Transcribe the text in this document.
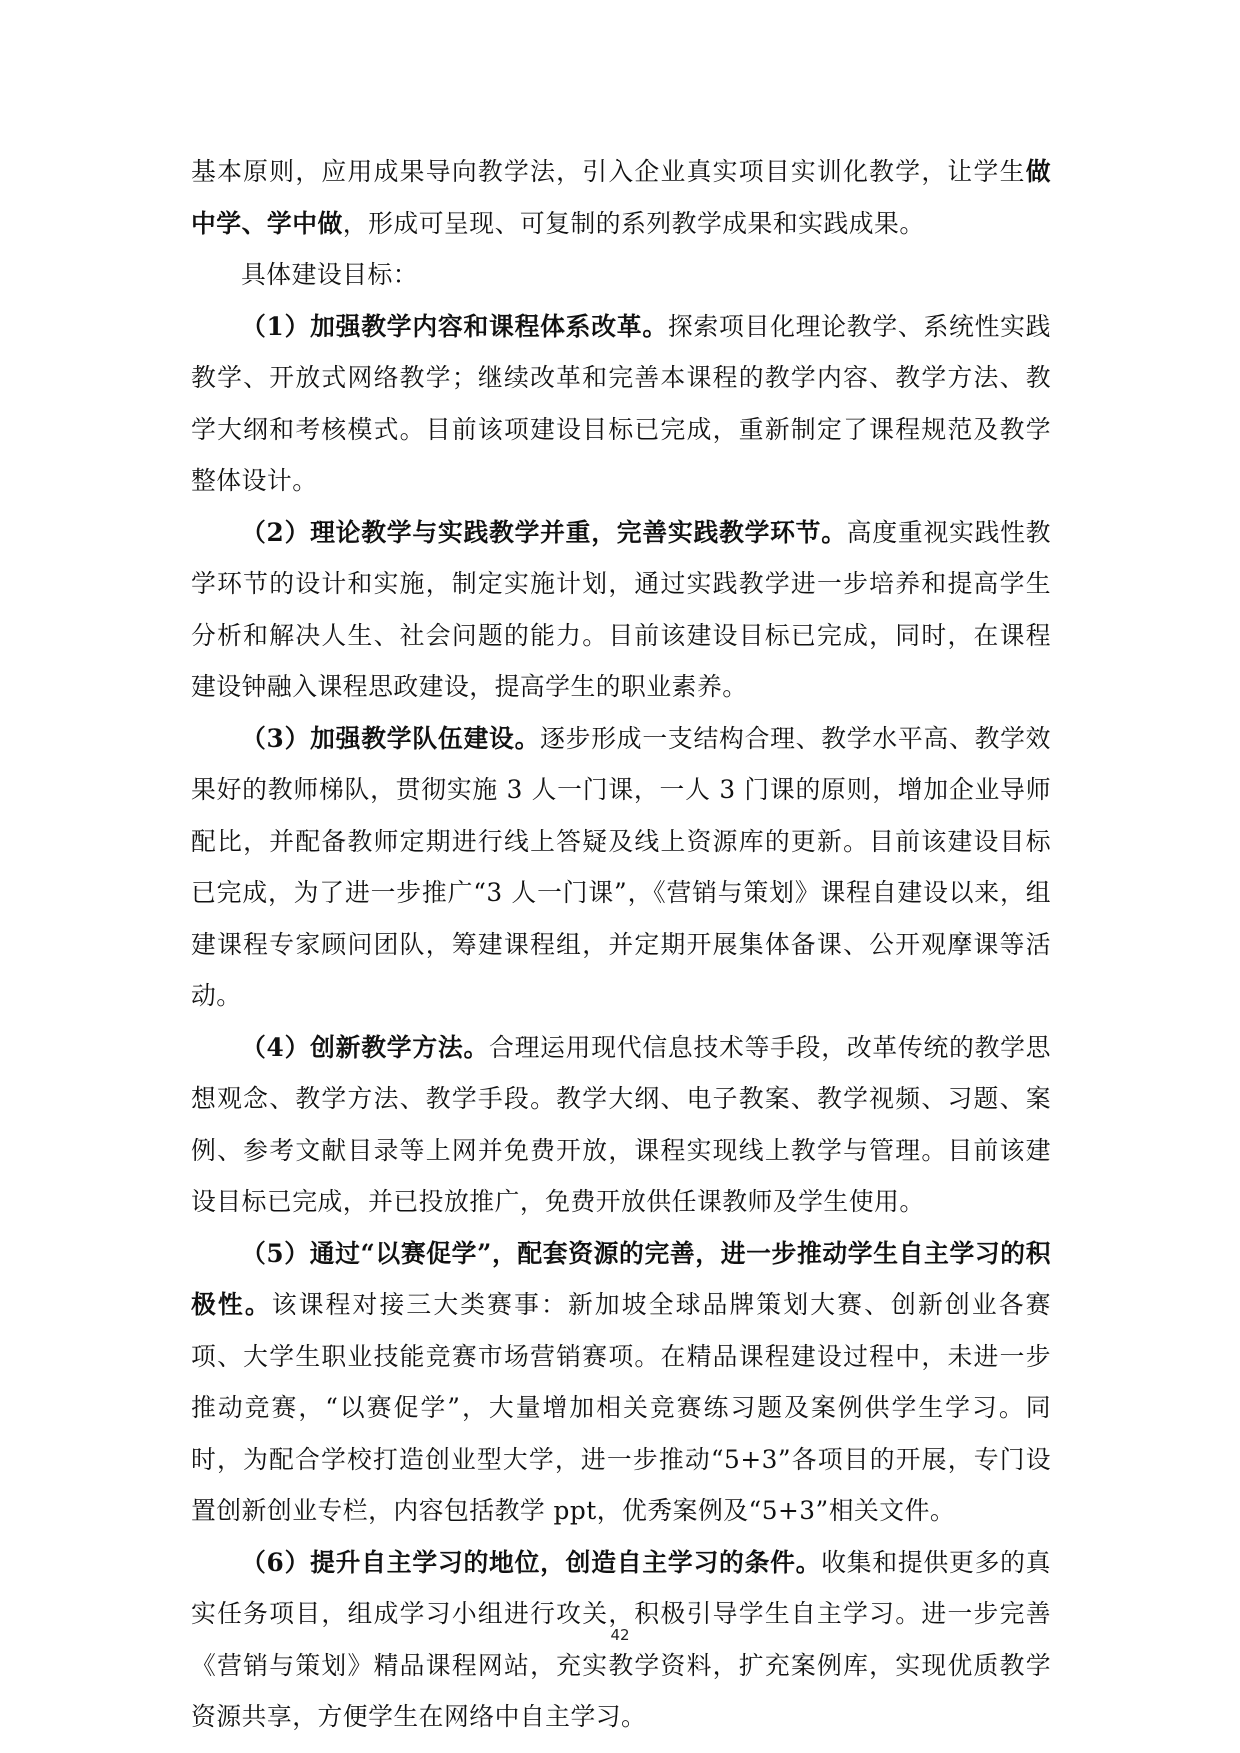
基本原则，应用成果导向教学法，引入企业真实项目实训化教学，让学生做中学、学中做，形成可呈现、可复制的系列教学成果和实践成果。

具体建设目标：

（1）加强教学内容和课程体系改革。探索项目化理论教学、系统性实践教学、开放式网络教学；继续改革和完善本课程的教学内容、教学方法、教学大纲和考核模式。目前该项建设目标已完成，重新制定了课程规范及教学整体设计。

（2）理论教学与实践教学并重，完善实践教学环节。高度重视实践性教学环节的设计和实施，制定实施计划，通过实践教学进一步培养和提高学生分析和解决人生、社会问题的能力。目前该建设目标已完成，同时，在课程建设钟融入课程思政建设，提高学生的职业素养。

（3）加强教学队伍建设。逐步形成一支结构合理、教学水平高、教学效果好的教师梯队，贯彻实施 3 人一门课，一人 3 门课的原则，增加企业导师配比，并配备教师定期进行线上答疑及线上资源库的更新。目前该建设目标已完成，为了进一步推广“3 人一门课”，《营销与策划》课程自建设以来，组建课程专家顾问团队，筹建课程组，并定期开展集体备课、公开观摩课等活动。

（4）创新教学方法。合理运用现代信息技术等手段，改革传统的教学思想观念、教学方法、教学手段。教学大纲、电子教案、教学视频、习题、案例、参考文献目录等上网并免费开放，课程实现线上教学与管理。目前该建设目标已完成，并已投放推广，免费开放供任课教师及学生使用。

（5）通过“以赛促学”，配套资源的完善，进一步推动学生自主学习的积极性。该课程对接三大类赛事：新加坡全球品牌策划大赛、创新创业各赛项、大学生职业技能竞赛市场营销赛项。在精品课程建设过程中，未进一步推动竞赛，“以赛促学”，大量增加相关竞赛练习题及案例供学生学习。同时，为配合学校打造创业型大学，进一步推动“5+3”各项目的开展，专门设置创新创业专栏，内容包括教学 ppt，优秀案例及“5+3”相关文件。

（6）提升自主学习的地位，创造自主学习的条件。收集和提供更多的真实任务项目，组成学习小组进行攻关，积极引导学生自主学习。进一步完善《营销与策划》精品课程网站，充实教学资料，扩充案例库，实现优质教学资源共享，方便学生在网络中自主学习。

42
